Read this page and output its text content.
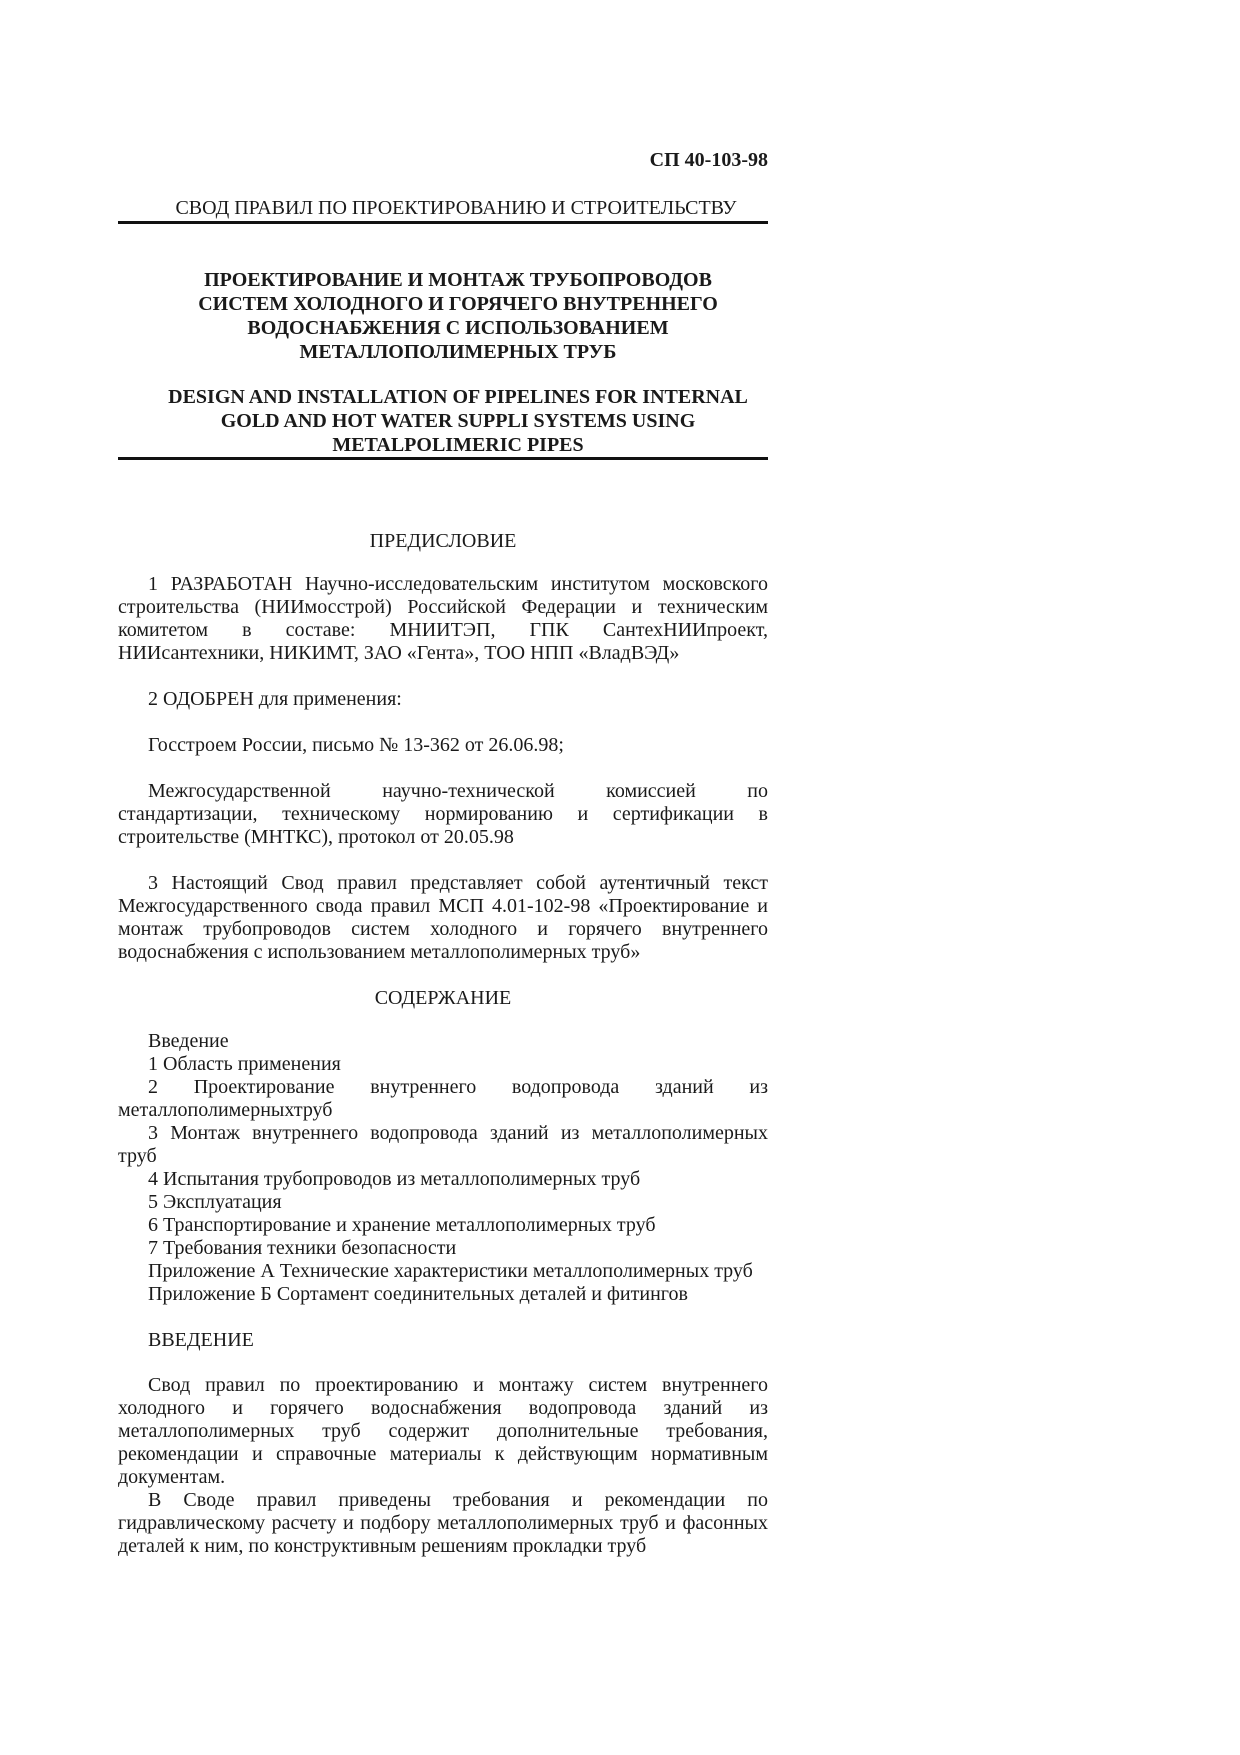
СП 40-103-98
СВОД ПРАВИЛ ПО ПРОЕКТИРОВАНИЮ И СТРОИТЕЛЬСТВУ
ПРОЕКТИРОВАНИЕ И МОНТАЖ ТРУБОПРОВОДОВ
СИСТЕМ ХОЛОДНОГО И ГОРЯЧЕГО ВНУТРЕННЕГО
ВОДОСНАБЖЕНИЯ С ИСПОЛЬЗОВАНИЕМ
МЕТАЛЛОПОЛИМЕРНЫХ ТРУБ
DESIGN AND INSTALLATION OF PIPELINES FOR INTERNAL
GOLD AND HOT WATER SUPPLI SYSTEMS USING
METALPOLIMERIC PIPES
ПРЕДИСЛОВИЕ

1 РАЗРАБОТАН Научно-исследовательским институтом московского строительства (НИИмосстрой) Российской Федерации и техническим комитетом в составе: МНИИТЭП, ГПК СантехНИИпроект, НИИсантехники, НИКИМТ, ЗАО «Гента», ТОО НПП «ВладВЭД»

2 ОДОБРЕН для применения:

Госстроем России, письмо № 13-362 от 26.06.98;

Межгосударственной научно-технической комиссией по стандартизации, техническому нормированию и сертификации в строительстве (МНТКС), протокол от 20.05.98

3 Настоящий Свод правил представляет собой аутентичный текст Межгосударственного свода правил МСП 4.01-102-98 «Проектирование и монтаж трубопроводов систем холодного и горячего внутреннего водоснабжения с использованием металлополимерных труб»

СОДЕРЖАНИЕ
Введение
1 Область применения
2 Проектирование внутреннего водопровода зданий из металлополимерныхтруб
3 Монтаж внутреннего водопровода зданий из металлополимерных труб
4 Испытания трубопроводов из металлополимерных труб
5 Эксплуатация
6 Транспортирование и хранение металлополимерных труб
7 Требования техники безопасности
Приложение А Технические характеристики металлополимерных труб
Приложение Б Сортамент соединительных деталей и фитингов
ВВЕДЕНИЕ

Свод правил по проектированию и монтажу систем внутреннего холодного и горячего водоснабжения водопровода зданий из металлополимерных труб содержит дополнительные требования, рекомендации и справочные материалы к действующим нормативным документам.

В Своде правил приведены требования и рекомендации по гидравлическому расчету и подбору металлополимерных труб и фасонных деталей к ним, по конструктивным решениям прокладки труб
